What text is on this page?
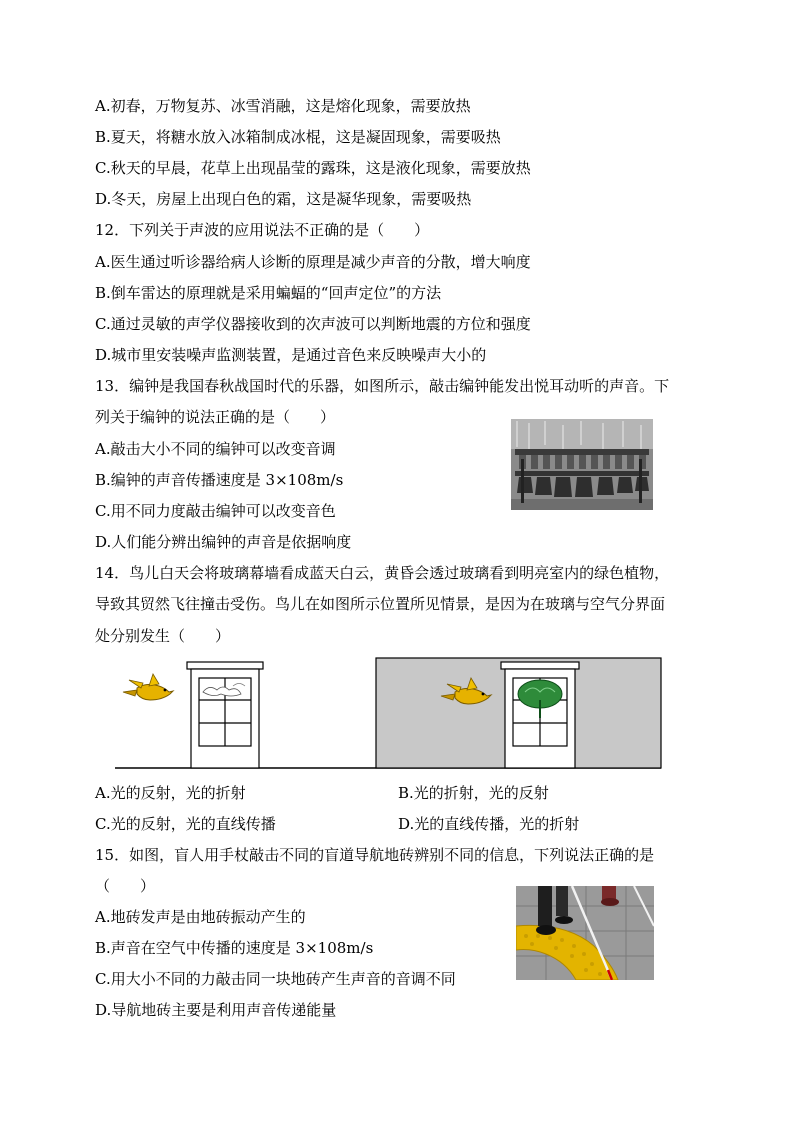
A.初春，万物复苏、冰雪消融，这是熔化现象，需要放热
B.夏天，将糖水放入冰箱制成冰棍，这是凝固现象，需要吸热
C.秋天的早晨，花草上出现晶莹的露珠，这是液化现象，需要放热
D.冬天，房屋上出现白色的霜，这是凝华现象，需要吸热
12．下列关于声波的应用说法不正确的是（　　）
A.医生通过听诊器给病人诊断的原理是减少声音的分散，增大响度
B.倒车雷达的原理就是采用蝙蝠的“回声定位”的方法
C.通过灵敏的声学仪器接收到的次声波可以判断地震的方位和强度
D.城市里安装噪声监测装置，是通过音色来反映噪声大小的
13．编钟是我国春秋战国时代的乐器，如图所示，敲击编钟能发出悦耳动听的声音。下
列关于编钟的说法正确的是（　　）
A.敲击大小不同的编钟可以改变音调
B.编钟的声音传播速度是 3×108m/s
C.用不同力度敲击编钟可以改变音色
D.人们能分辨出编钟的声音是依据响度
14．鸟儿白天会将玻璃幕墙看成蓝天白云，黄昏会透过玻璃看到明亮室内的绿色植物，
导致其贸然飞往撞击受伤。鸟儿在如图所示位置所见情景，是因为在玻璃与空气分界面
处分别发生（　　）
A.光的反射，光的折射	B.光的折射，光的反射
C.光的反射，光的直线传播	D.光的直线传播，光的折射
15．如图，盲人用手杖敲击不同的盲道导航地砖辨别不同的信息，下列说法正确的是
（　　）
A.地砖发声是由地砖振动产生的
B.声音在空气中传播的速度是 3×108m/s
C.用大小不同的力敲击同一块地砖产生声音的音调不同
D.导航地砖主要是利用声音传递能量
